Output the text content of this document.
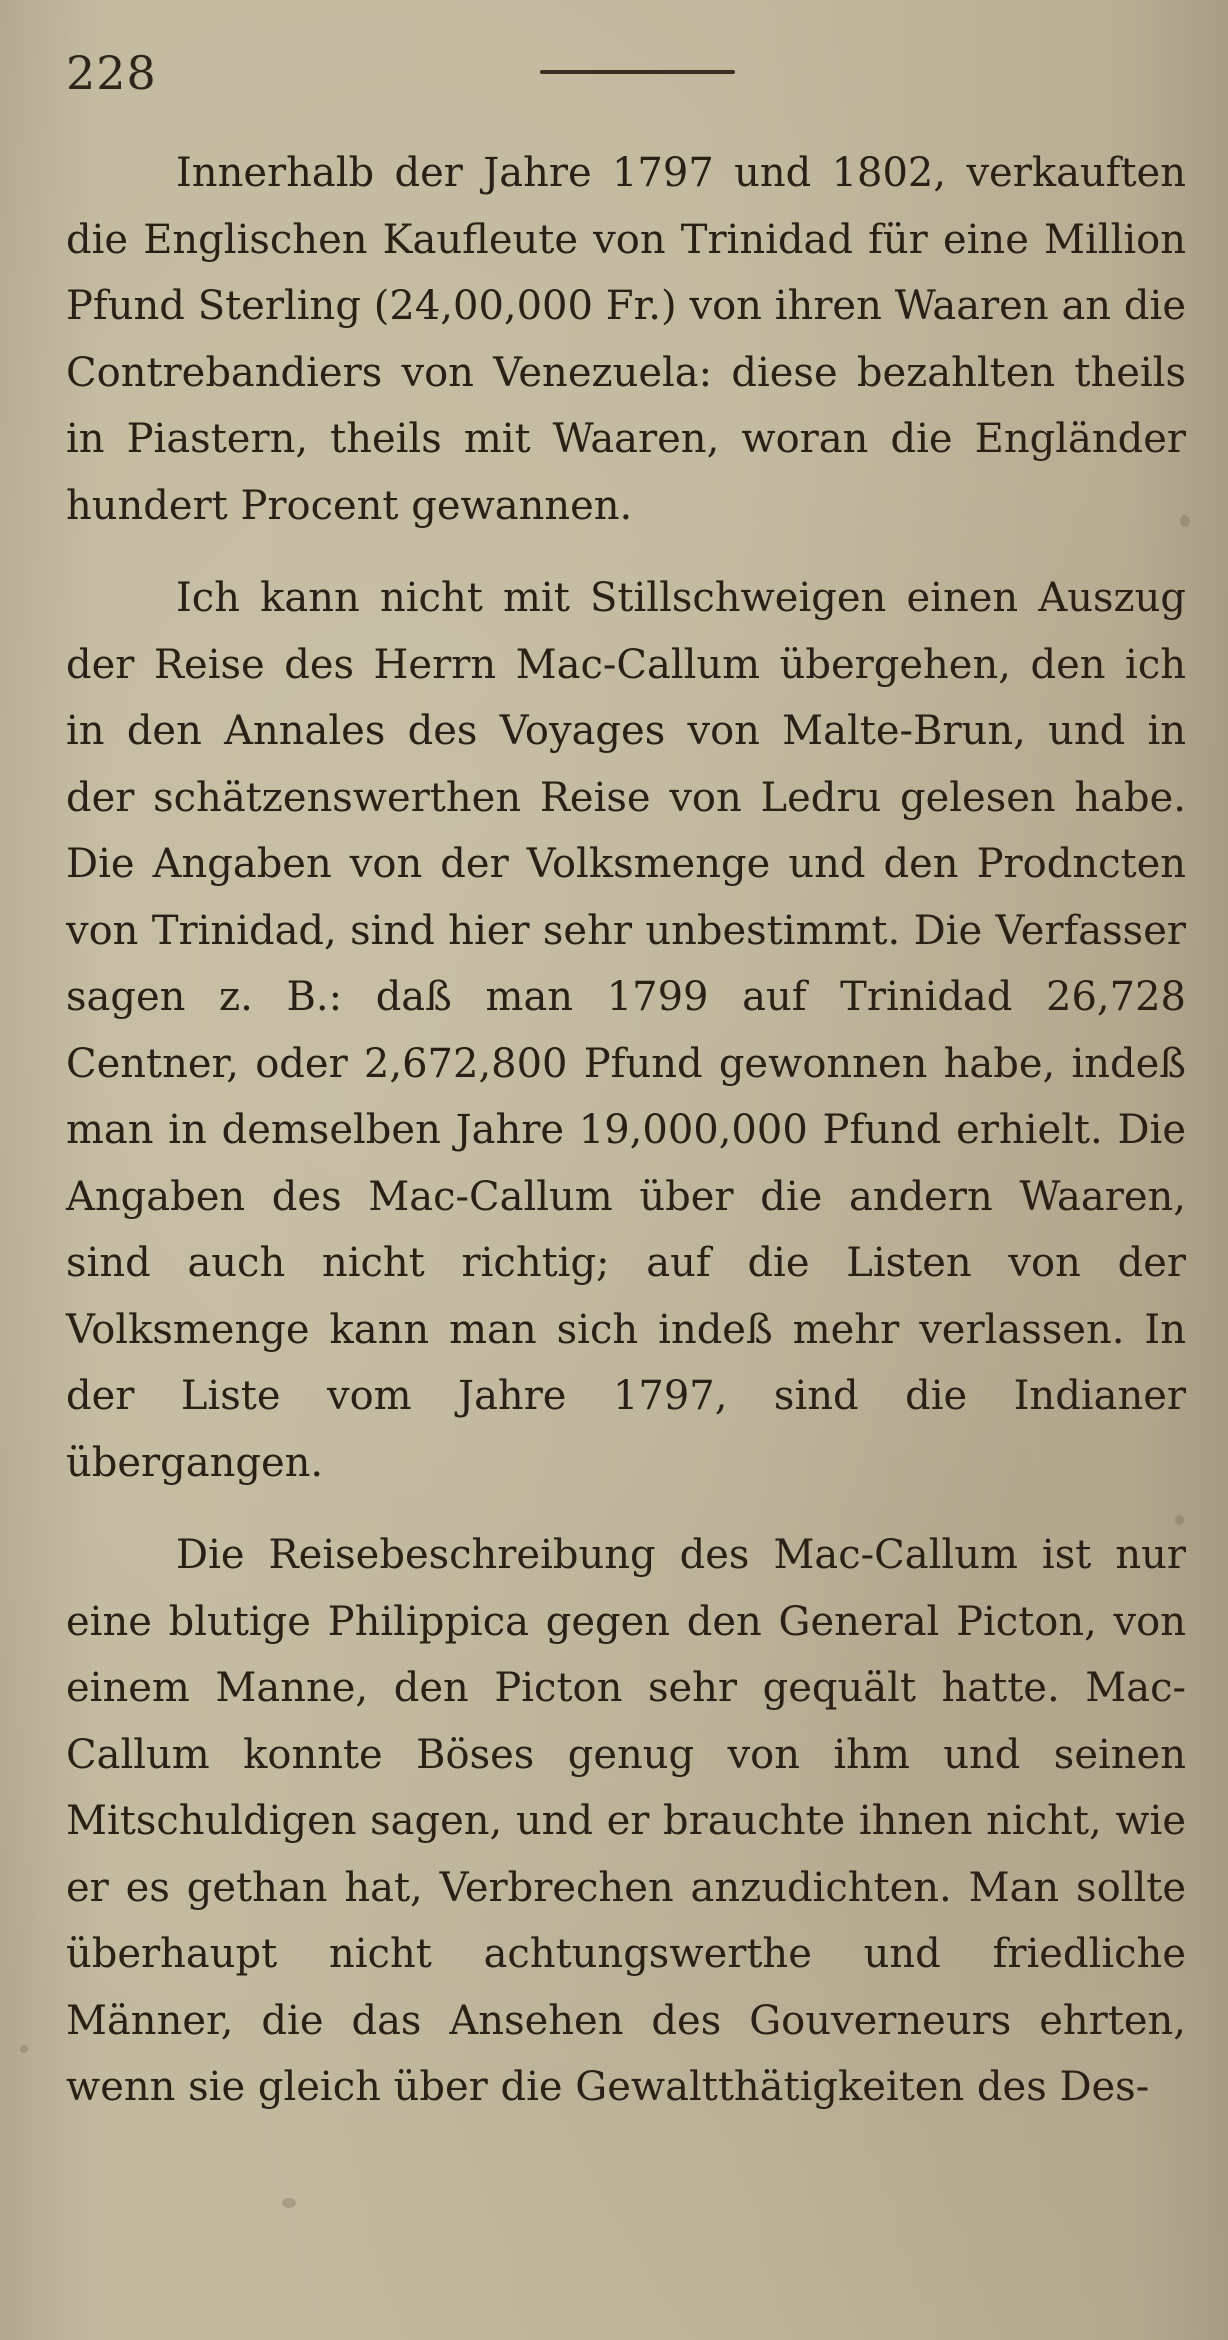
228

Innerhalb der Jahre 1797 und 1802, verkauften die Englischen Kaufleute von Trinidad für eine Million Pfund Sterling (24,00,000 Fr.) von ihren Waaren an die Contrebandiers von Venezuela: diese bezahlten theils in Piastern, theils mit Waaren, woran die Engländer hundert Procent gewannen.

Ich kann nicht mit Stillschweigen einen Auszug der Reise des Herrn Mac-Callum übergehen, den ich in den Annales des Voyages von Malte-Brun, und in der schätzenswerthen Reise von Ledru gelesen habe. Die Angaben von der Volksmenge und den Prodncten von Trinidad, sind hier sehr unbestimmt. Die Verfasser sagen z. B.: daß man 1799 auf Trinidad 26,728 Centner, oder 2,672,800 Pfund gewonnen habe, indeß man in demselben Jahre 19,000,000 Pfund erhielt. Die Angaben des Mac-Callum über die andern Waaren, sind auch nicht richtig; auf die Listen von der Volksmenge kann man sich indeß mehr verlassen. In der Liste vom Jahre 1797, sind die Indianer übergangen.

Die Reisebeschreibung des Mac-Callum ist nur eine blutige Philippica gegen den General Picton, von einem Manne, den Picton sehr gequält hatte. Mac-Callum konnte Böses genug von ihm und seinen Mitschuldigen sagen, und er brauchte ihnen nicht, wie er es gethan hat, Verbrechen anzudichten. Man sollte überhaupt nicht achtungswerthe und friedliche Männer, die das Ansehen des Gouverneurs ehrten, wenn sie gleich über die Gewaltthätigkeiten des Des-
